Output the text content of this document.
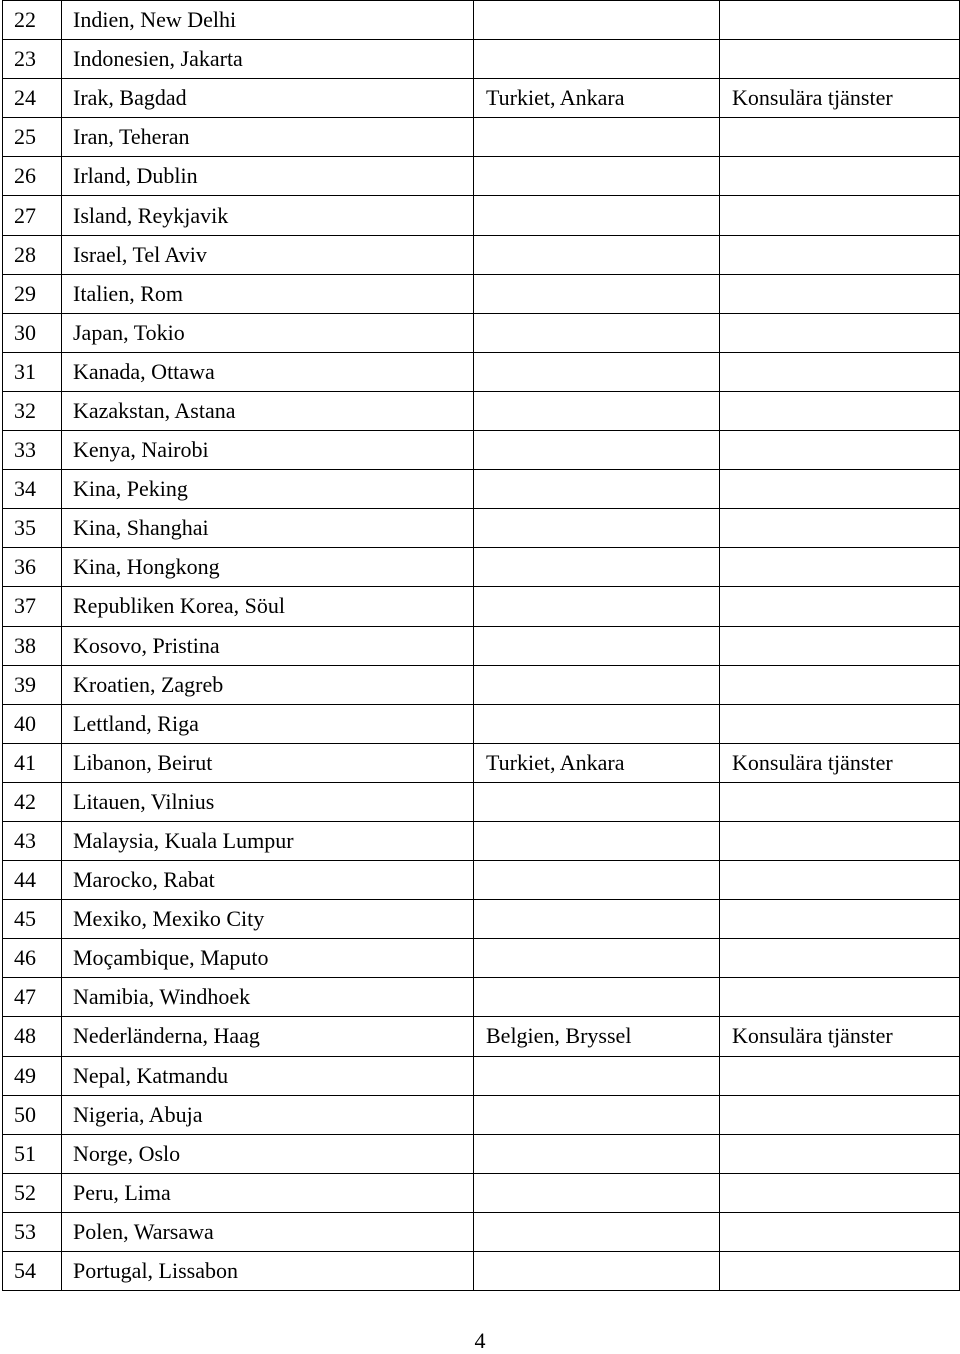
22	Indien, New Delhi		
23	Indonesien, Jakarta		
24	Irak, Bagdad	Turkiet, Ankara	Konsulära tjänster
25	Iran, Teheran		
26	Irland, Dublin		
27	Island, Reykjavik		
28	Israel, Tel Aviv		
29	Italien, Rom		
30	Japan, Tokio		
31	Kanada, Ottawa		
32	Kazakstan, Astana		
33	Kenya, Nairobi		
34	Kina, Peking		
35	Kina, Shanghai		
36	Kina, Hongkong		
37	Republiken Korea, Söul		
38	Kosovo, Pristina		
39	Kroatien, Zagreb		
40	Lettland, Riga		
41	Libanon, Beirut	Turkiet, Ankara	Konsulära tjänster
42	Litauen, Vilnius		
43	Malaysia, Kuala Lumpur		
44	Marocko, Rabat		
45	Mexiko, Mexiko City		
46	Moçambique, Maputo		
47	Namibia, Windhoek		
48	Nederländerna, Haag	Belgien, Bryssel	Konsulära tjänster
49	Nepal, Katmandu		
50	Nigeria, Abuja		
51	Norge, Oslo		
52	Peru, Lima		
53	Polen, Warsawa		
54	Portugal, Lissabon		
4
